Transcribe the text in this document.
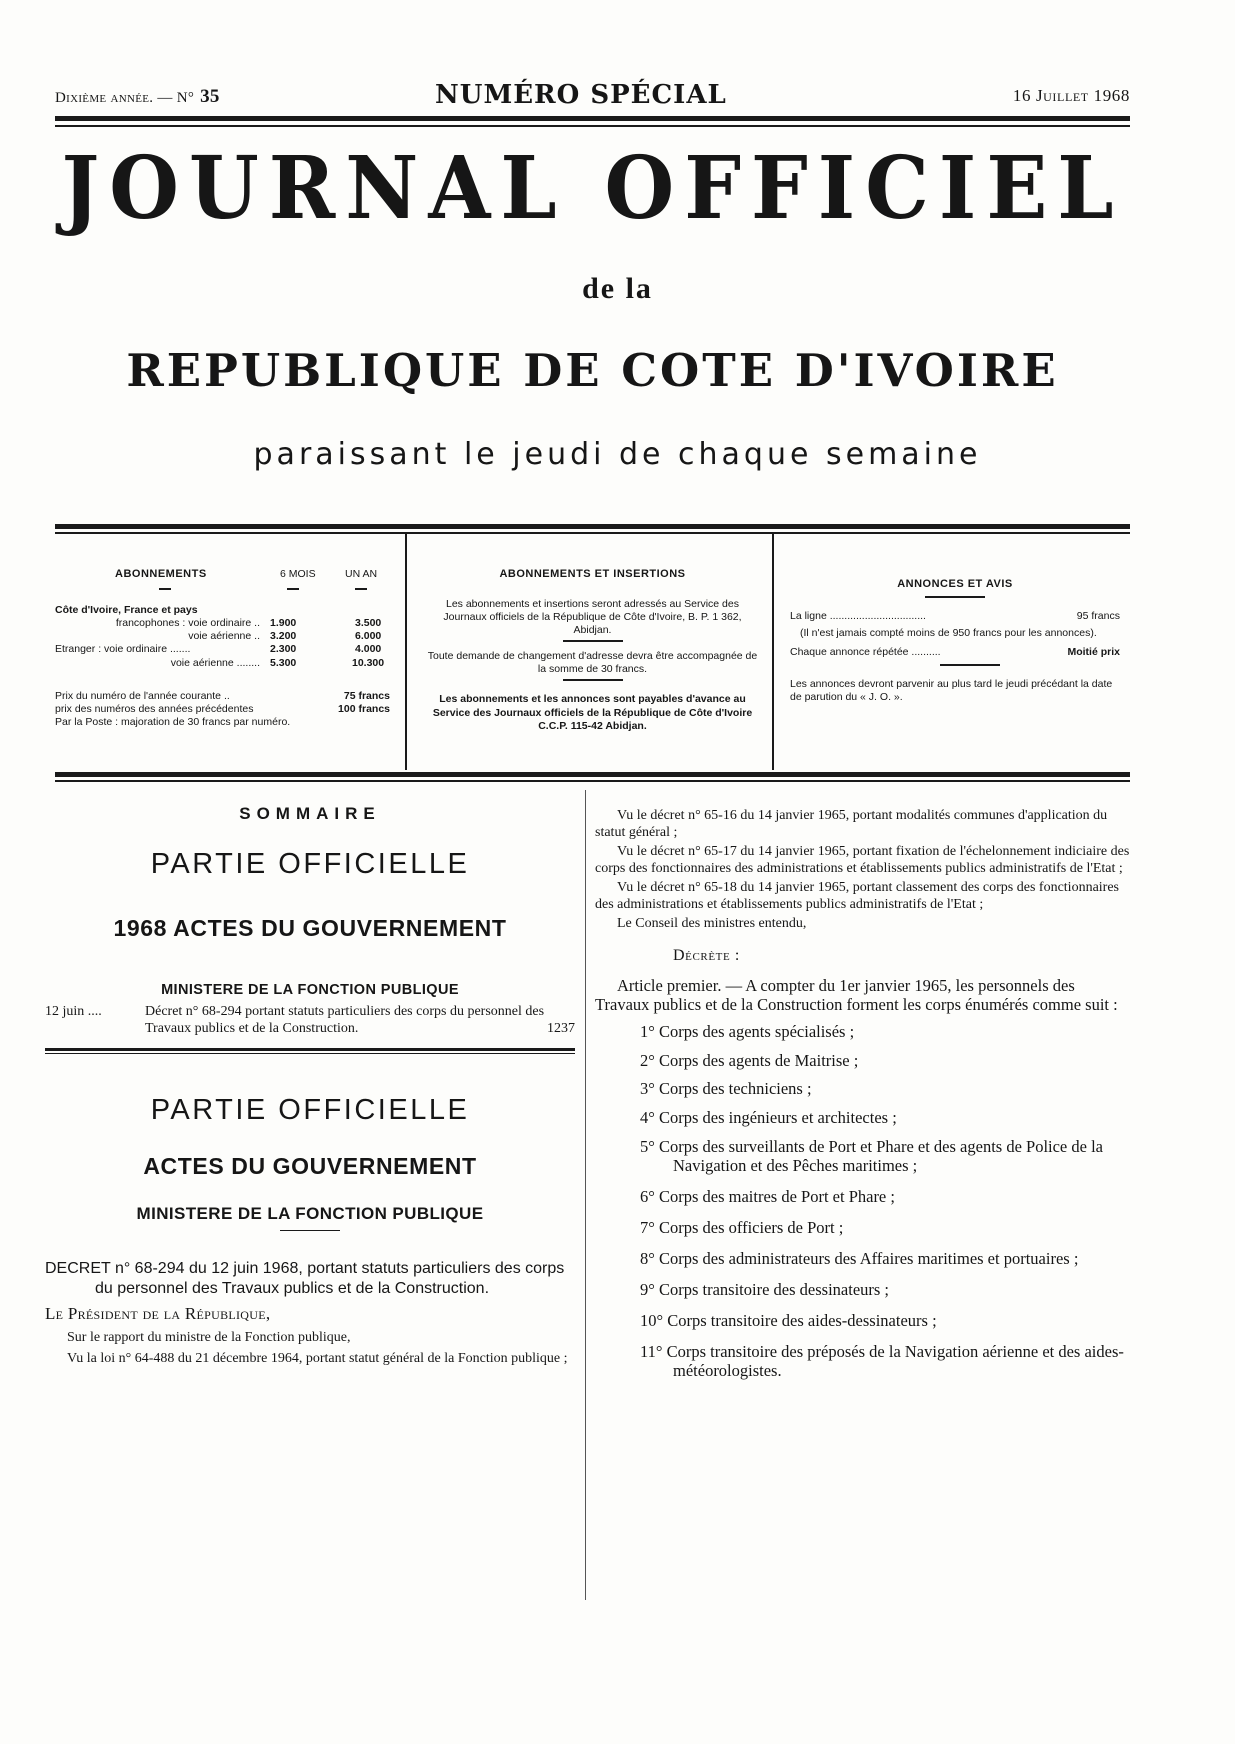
Dixième année. — N° 35	NUMÉRO SPÉCIAL	16 Juillet 1968
JOURNAL OFFICIEL
de la
REPUBLIQUE DE COTE D'IVOIRE
paraissant le jeudi de chaque semaine
ABONNEMENTS	6 MOIS	UN AN
Côte d'Ivoire, France et pays		
francophones : voie ordinaire ..	1.900	3.500
voie aérienne ..	3.200	6.000
Etranger : voie ordinaire .......	2.300	4.000
voie aérienne ........	5.300	10.300
Prix du numéro de l'année courante ..	75 francs
prix des numéros des années précédentes	100 francs
Par la Poste : majoration de 30 francs par numéro.
ABONNEMENTS ET INSERTIONS
Les abonnements et insertions seront adressés au Service des Journaux officiels de la République de Côte d'Ivoire, B. P. 1 362, Abidjan.
Toute demande de changement d'adresse devra être accompagnée de la somme de 30 francs.
Les abonnements et les annonces sont payables d'avance au Service des Journaux officiels de la République de Côte d'Ivoire C.C.P. 115-42 Abidjan.
ANNONCES ET AVIS
La ligne .................................	95 francs
(Il n'est jamais compté moins de 950 francs pour les annonces).
Chaque annonce répétée ..........	Moitié prix
Les annonces devront parvenir au plus tard le jeudi précédant la date de parution du « J. O. ».
SOMMAIRE
PARTIE OFFICIELLE
1968 ACTES DU GOUVERNEMENT
MINISTERE DE LA FONCTION PUBLIQUE
12 juin ....	Décret n° 68-294 portant statuts particuliers des corps du personnel des Travaux publics et de la Construction.	1237
PARTIE OFFICIELLE
ACTES DU GOUVERNEMENT
MINISTERE DE LA FONCTION PUBLIQUE
DECRET n° 68-294 du 12 juin 1968, portant statuts particuliers des corps du personnel des Travaux publics et de la Construction.
Le Président de la République,

Sur le rapport du ministre de la Fonction publique,

Vu la loi n° 64-488 du 21 décembre 1964, portant statut général de la Fonction publique ;

Vu le décret n° 65-16 du 14 janvier 1965, portant modalités communes d'application du statut général ;

Vu le décret n° 65-17 du 14 janvier 1965, portant fixation de l'échelonnement indiciaire des corps des fonctionnaires des administrations et établissements publics administratifs de l'Etat ;

Vu le décret n° 65-18 du 14 janvier 1965, portant classement des corps des fonctionnaires des administrations et établissements publics administratifs de l'Etat ;

Le Conseil des ministres entendu,

Décrète :

Article premier. — A compter du 1er janvier 1965, les personnels des Travaux publics et de la Construction forment les corps énumérés comme suit :

1° Corps des agents spécialisés ;

2° Corps des agents de Maitrise ;

3° Corps des techniciens ;

4° Corps des ingénieurs et architectes ;

5° Corps des surveillants de Port et Phare et des agents de Police de la Navigation et des Pêches maritimes ;

6° Corps des maitres de Port et Phare ;

7° Corps des officiers de Port ;

8° Corps des administrateurs des Affaires maritimes et portuaires ;

9° Corps transitoire des dessinateurs ;

10° Corps transitoire des aides-dessinateurs ;

11° Corps transitoire des préposés de la Navigation aérienne et des aides-météorologistes.
